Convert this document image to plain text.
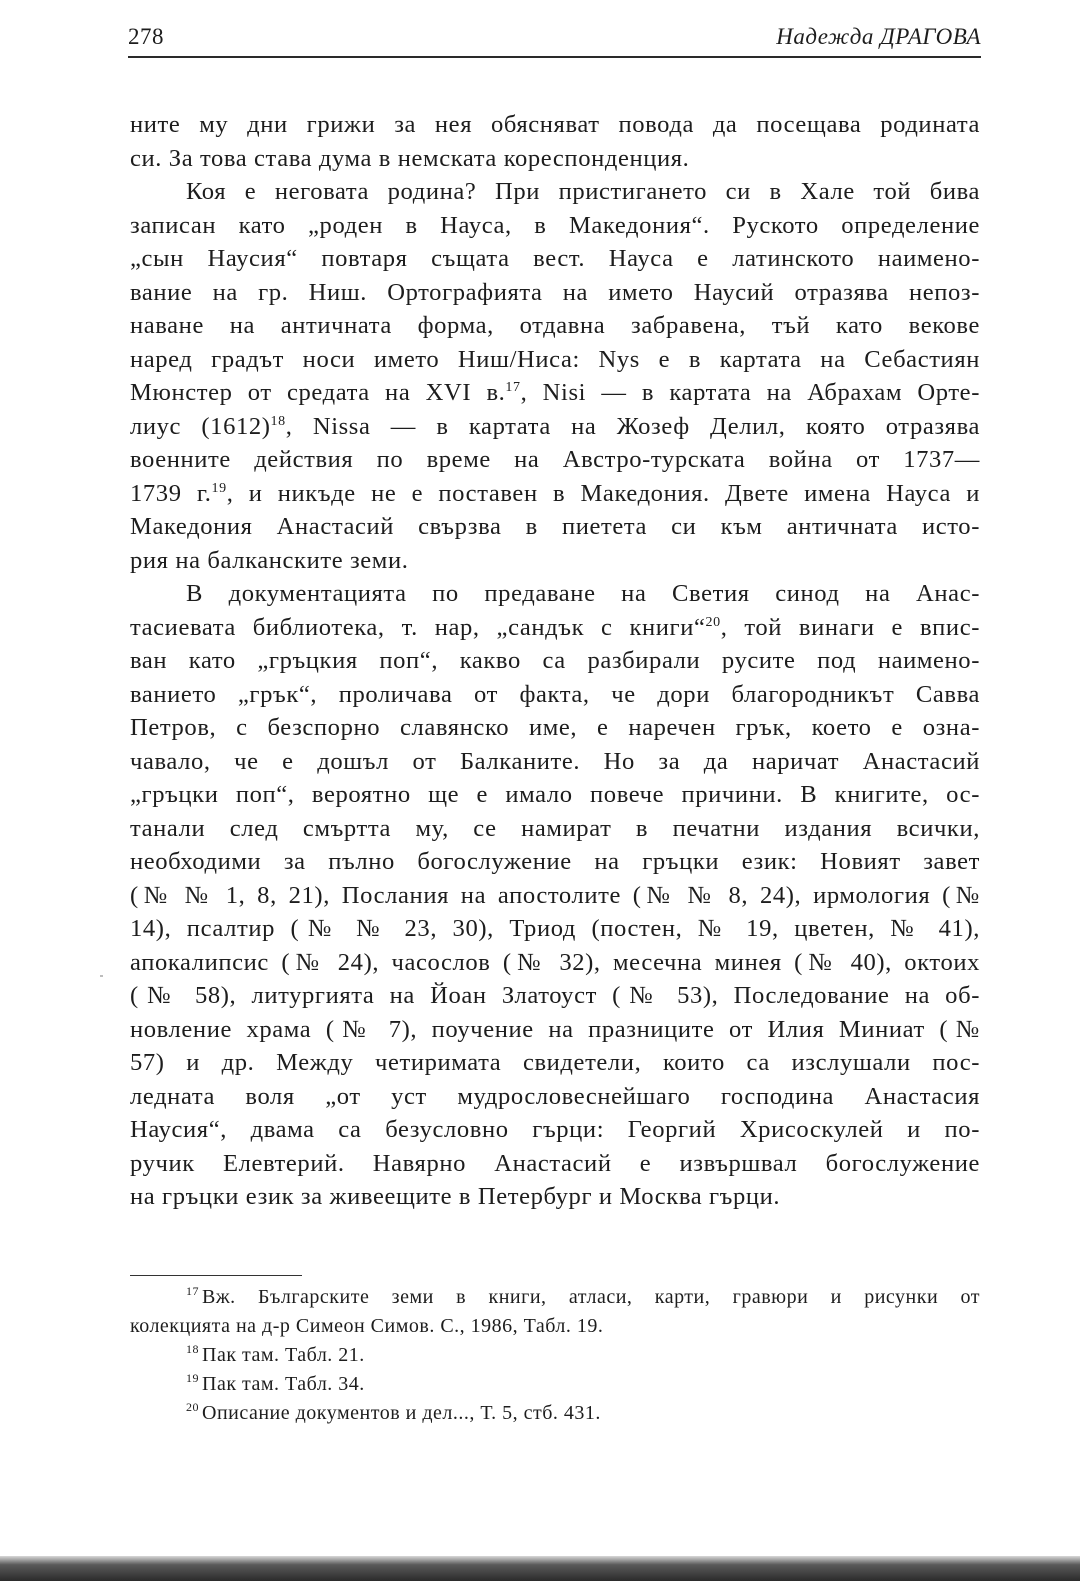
278	Надежда ДРАГОВА
ните му дни грижи за нея обясняват повода да посещава родината
си. За това става дума в немската кореспонденция.
Коя е неговата родина? При пристигането си в Хале той бива
записан като „роден в Науса, в Македония“. Руското определение
„сын Наусия“ повтаря същата вест. Науса е латинското наимено-
вание на гр. Ниш. Ортографията на името Наусий отразява непоз-
наване на античната форма, отдавна забравена, тъй като векове
наред градът носи името Ниш/Ниса: Nys е в картата на Себастиян
Мюнстер от средата на XVI в.$^{17}$, Nisi — в картата на Абрахам Орте-
лиус $(1612)^{18}$, Nissa — в картата на Жозеф Делил, която отразява
военните действия по време на Австро-турската война от 1737—
1739 г.$^{19}$, и никъде не е поставен в Македония. Двете имена Науса и
Македония Анастасий свързва в пиетета си към античната исто-
рия на балканските земи.
В документацията по предаване на Светия синод на Анас-
тасиевата библиотека, т. нар, „сандък с книги“$^{20}$, той винаги е впис-
ван като „гръцкия поп“, какво са разбирали русите под наимено-
ванието „грък“, проличава от факта, че дори благородникът Савва
Петров, с безспорно славянско име, е наречен грък, което е озна-
чавало, че е дошъл от Балканите. Но за да наричат Анастасий
„гръцки поп“, вероятно ще е имало повече причини. В книгите, ос-
танали след смъртта му, се намират в печатни издания всички,
необходими за пълно богослужение на гръцки език: Новият завет
(№ № 1, 8, 21), Послания на апостолите (№ № 8, 24), ирмология (№
14), псалтир (№ № 23, 30), Триод (постен, № 19, цветен, № 41),
апокалипсис (№ 24), часослов (№ 32), месечна минея (№ 40), октоих
(№ 58), литургията на Йоан Златоуст (№ 53), Последование на об-
новление храма (№ 7), поучение на празниците от Илия Миниат (№
57) и др. Между четиримата свидетели, които са изслушали пос-
ледната воля „от уст мудрословеснейшаго господина Анастасия
Наусия“, двама са безусловно гърци: Георгий Хрисоскулей и по-
ручик Елевтерий. Навярно Анастасий е извършвал богослужение
на гръцки език за живеещите в Петербург и Москва гърци.
$^{17}$ Вж. Българските земи в книги, атласи, карти, гравюри и рисунки от
колекцията на д-р Симеон Симов. С., 1986, Табл. 19.
$^{18}$ Пак там. Табл. 21.
$^{19}$ Пак там. Табл. 34.
$^{20}$ Описание документов и дел..., Т. 5, стб. 431.
